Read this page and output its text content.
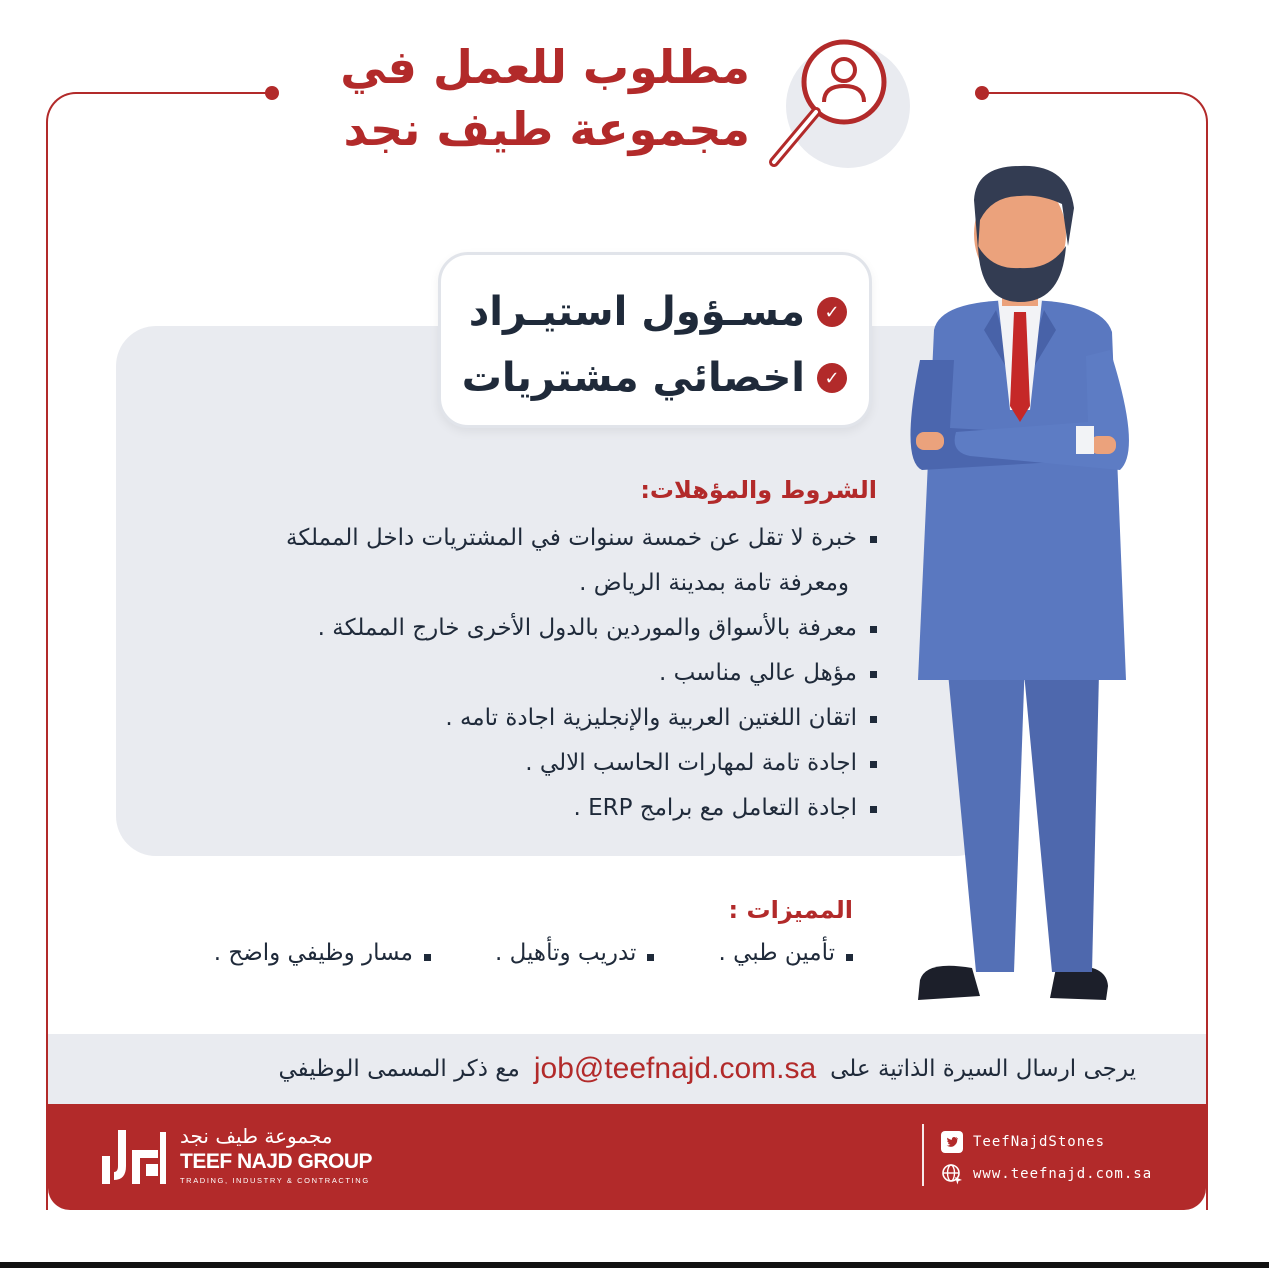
مطلوب للعمل في
مجموعة طيف نجد
✓
مسـؤول استيـراد
✓
اخصائي مشتريات
الشروط والمؤهلات:
خبرة لا تقل عن خمسة سنوات في المشتريات داخل المملكة
ومعرفة تامة بمدينة الرياض .
معرفة بالأسواق والموردين بالدول الأخرى خارج المملكة .
مؤهل عالي مناسب .
اتقان اللغتين العربية والإنجليزية اجادة تامه .
اجادة تامة لمهارات الحاسب الالي .
اجادة التعامل مع برامج ERP .
المميزات :
تأمين طبي .
تدريب وتأهيل .
مسار وظيفي واضح .
يرجى ارسال السيرة الذاتية على
job@teefnajd.com.sa
مع ذكر المسمى الوظيفي
مجموعة طيف نجد
TEEF NAJD GROUP
TRADING, INDUSTRY & CONTRACTING
TeefNajdStones
www.teefnajd.com.sa
